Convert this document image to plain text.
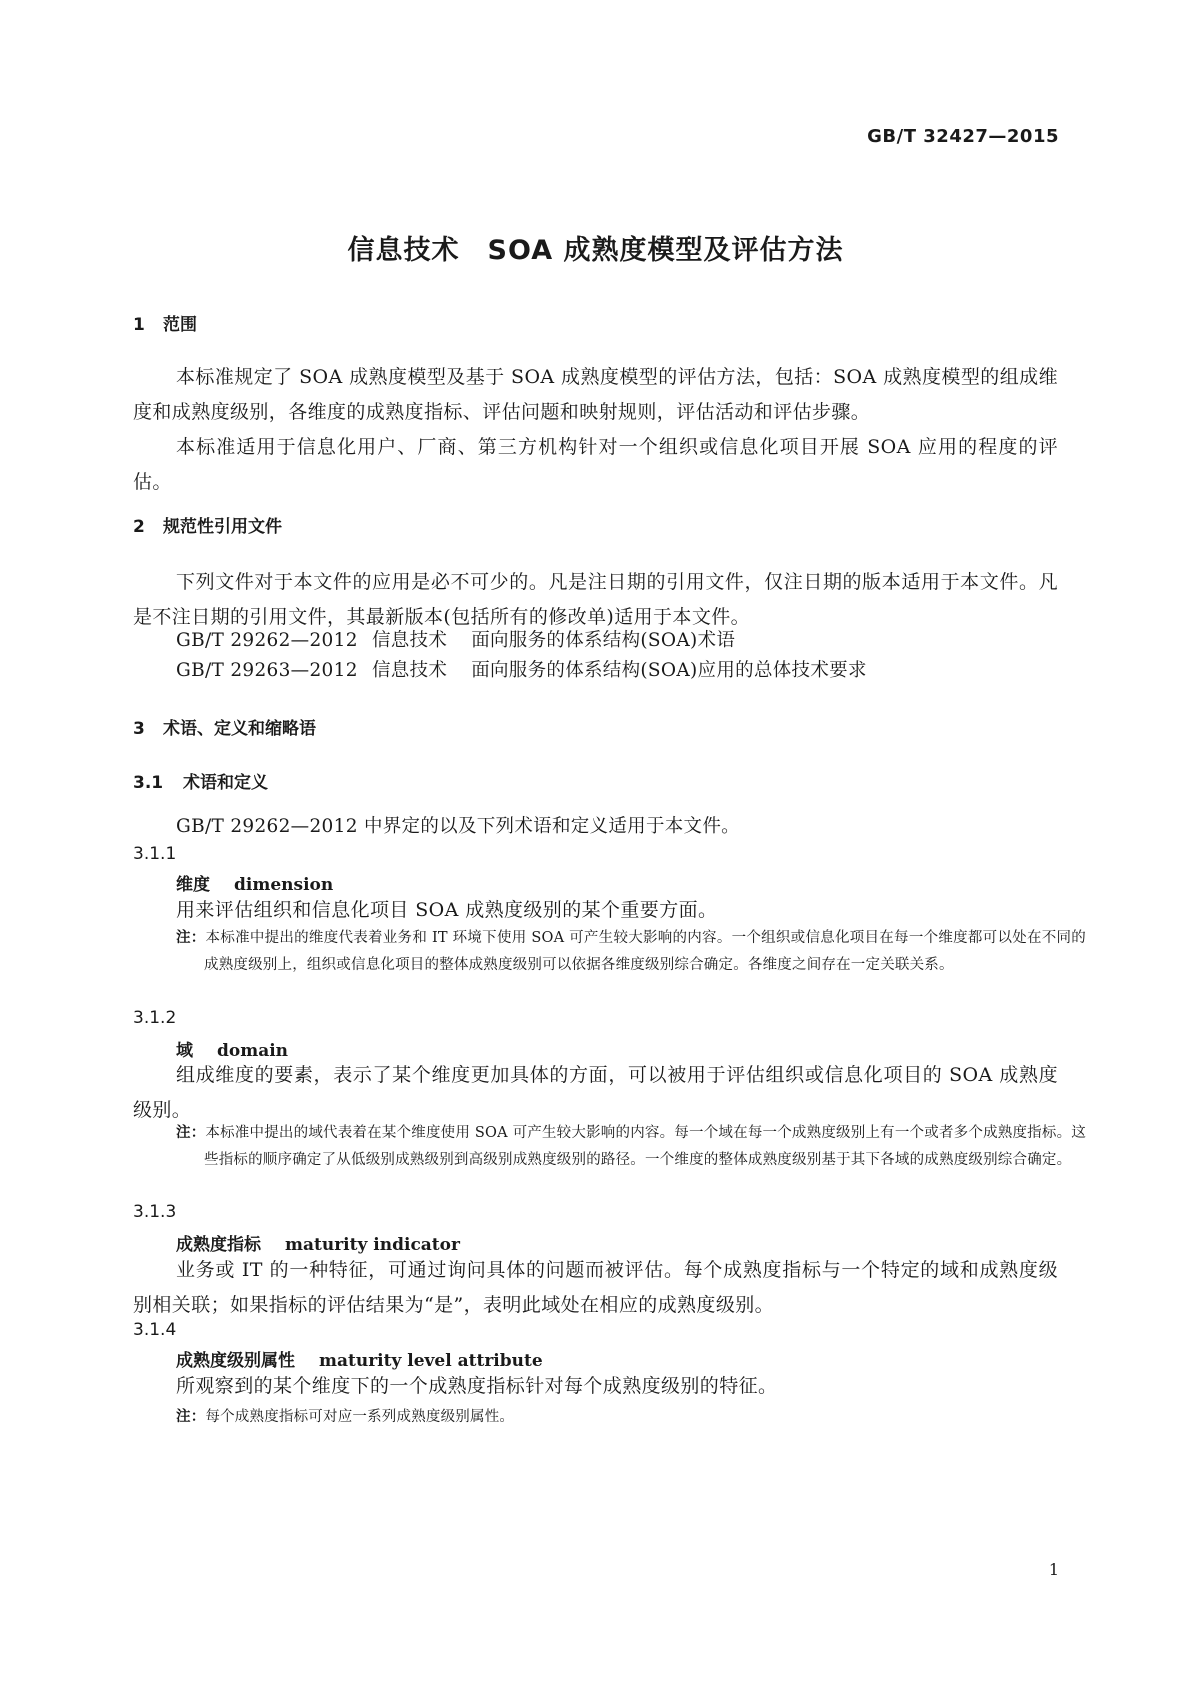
GB/T 32427—2015
信息技术　SOA 成熟度模型及评估方法
1 范围
本标准规定了 SOA 成熟度模型及基于 SOA 成熟度模型的评估方法，包括：SOA 成熟度模型的组成维度和成熟度级别，各维度的成熟度指标、评估问题和映射规则，评估活动和评估步骤。
本标准适用于信息化用户、厂商、第三方机构针对一个组织或信息化项目开展 SOA 应用的程度的评估。
2 规范性引用文件
下列文件对于本文件的应用是必不可少的。凡是注日期的引用文件，仅注日期的版本适用于本文件。凡是不注日期的引用文件，其最新版本(包括所有的修改单)适用于本文件。
GB/T 29262—2012 信息技术 面向服务的体系结构(SOA)术语
GB/T 29263—2012 信息技术 面向服务的体系结构(SOA)应用的总体技术要求
3 术语、定义和缩略语
3.1 术语和定义
GB/T 29262—2012 中界定的以及下列术语和定义适用于本文件。
3.1.1
维度 dimension
用来评估组织和信息化项目 SOA 成熟度级别的某个重要方面。
注：本标准中提出的维度代表着业务和 IT 环境下使用 SOA 可产生较大影响的内容。一个组织或信息化项目在每一个维度都可以处在不同的成熟度级别上，组织或信息化项目的整体成熟度级别可以依据各维度级别综合确定。各维度之间存在一定关联关系。
3.1.2
域 domain
组成维度的要素，表示了某个维度更加具体的方面，可以被用于评估组织或信息化项目的 SOA 成熟度级别。
注：本标准中提出的域代表着在某个维度使用 SOA 可产生较大影响的内容。每一个域在每一个成熟度级别上有一个或者多个成熟度指标。这些指标的顺序确定了从低级别成熟级别到高级别成熟度级别的路径。一个维度的整体成熟度级别基于其下各域的成熟度级别综合确定。
3.1.3
成熟度指标 maturity indicator
业务或 IT 的一种特征，可通过询问具体的问题而被评估。每个成熟度指标与一个特定的域和成熟度级别相关联；如果指标的评估结果为“是”，表明此域处在相应的成熟度级别。
3.1.4
成熟度级别属性 maturity level attribute
所观察到的某个维度下的一个成熟度指标针对每个成熟度级别的特征。
注：每个成熟度指标可对应一系列成熟度级别属性。
1
